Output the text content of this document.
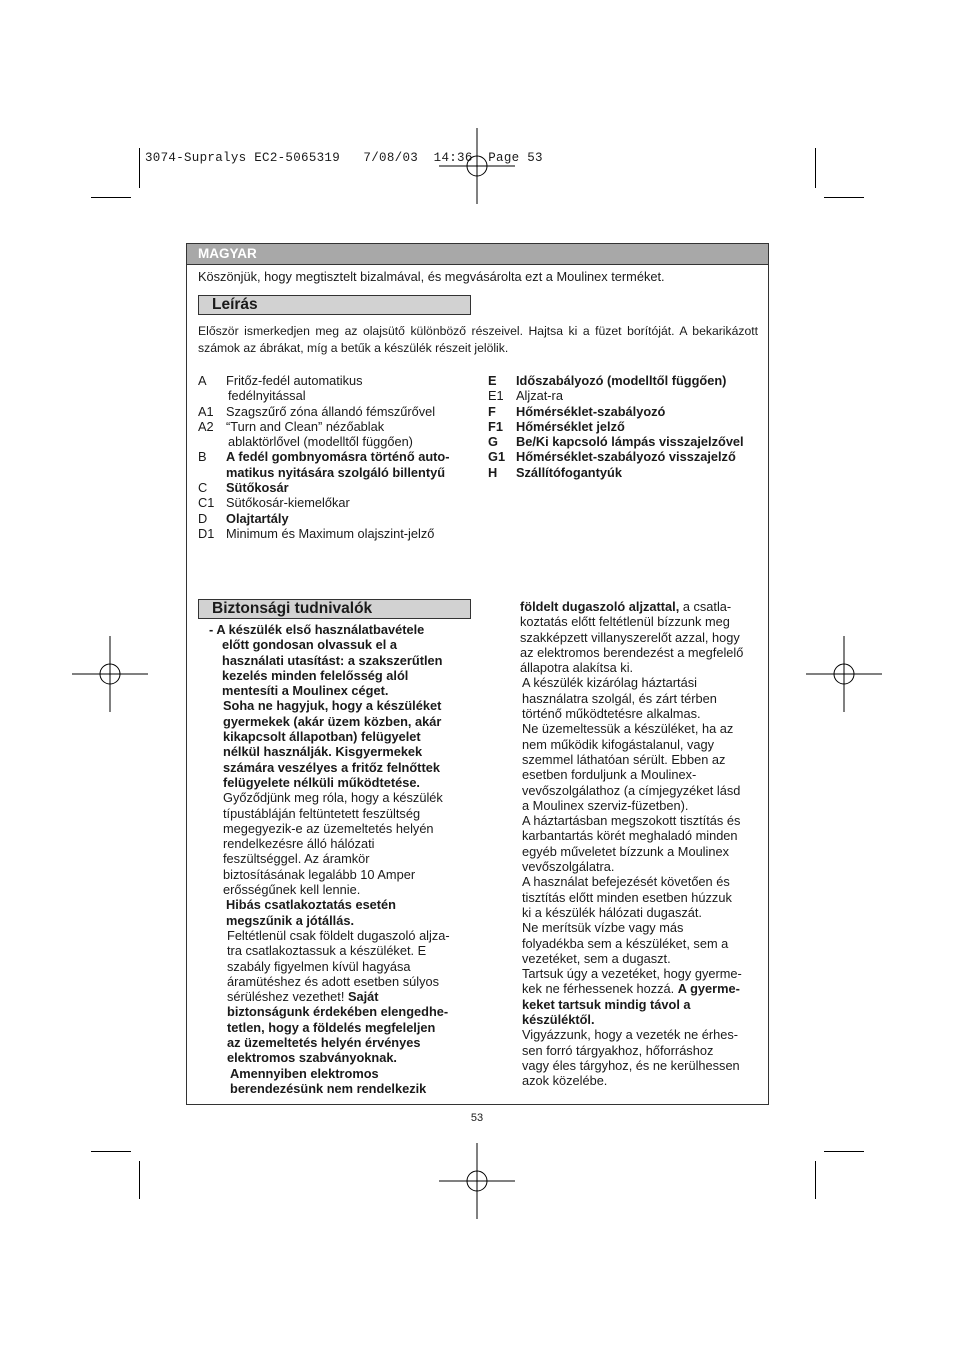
3074-Supralys EC2-5065319   7/08/03  14:36  Page 53
MAGYAR
Köszönjük, hogy megtisztelt bizalmával, és megvásárolta ezt a Moulinex terméket.
Leírás
Először ismerkedjen meg az olajsütő különböző részeivel. Hajtsa ki a füzet borítóját. A bekarikázott számok az ábrákat, míg a betűk a készülék részeit jelölik.
A	Fritőz-fedél automatikus
fedélnyitással
A1 Szagszűrő zóna állandó fémszűrővel
A2 “Turn and Clean” nézőablak
ablaktörlővel (modelltől függően)
B	A fedél gombnyomásra történő auto-
matikus nyitására szolgáló billentyű
C	Sütőkosár
C1 Sütőkosár-kiemelőkar
D	Olajtartály
D1 Minimum és Maximum olajszint-jelző
E	Időszabályozó (modelltől függően)
E1 Aljzat-ra
F	Hőmérséklet-szabályozó
F1	Hőmérséklet jelző
G	Be/Ki kapcsoló lámpás visszajelzővel
G1 Hőmérséklet-szabályozó visszajelző
H	Szállítófogantyúk
Biztonsági tudnivalók
- A készülék első használatbavétele
előtt gondosan olvassuk el a
használati utasítást: a szakszerűtlen
kezelés minden felelősség alól
mentesíti a Moulinex céget.
Soha ne hagyjuk, hogy a készüléket
gyermekek (akár üzem közben, akár
kikapcsolt állapotban) felügyelet
nélkül használják. Kisgyermekek
számára veszélyes a fritőz felnőttek
felügyelete nélküli működtetése.
Győződjünk meg róla, hogy a készülék
típustábláján feltüntetett feszültség
megegyezik-e az üzemeltetés helyén
rendelkezésre álló hálózati
feszültséggel. Az áramkör
biztosításának legalább 10 Amper
erősségűnek kell lennie.
Hibás csatlakoztatás esetén
megszűnik a jótállás.
Feltétlenül csak földelt dugaszoló aljza-
tra csatlakoztassuk a készüléket. E
szabály figyelmen kívül hagyása
áramütéshez és adott esetben súlyos
sérüléshez vezethet! Saját
biztonságunk érdekében elengedhe-
tetlen, hogy a földelés megfeleljen
az üzemeltetés helyén érvényes
elektromos szabványoknak.
Amennyiben elektromos
berendezésünk nem rendelkezik
földelt dugaszoló aljzattal, a csatla-
koztatás előtt feltétlenül bízzunk meg
szakképzett villanyszerelőt azzal, hogy
az elektromos berendezést a megfelelő
állapotra alakítsa ki.
A készülék kizárólag háztartási
használatra szolgál, és zárt térben
történő működtetésre alkalmas.
Ne üzemeltessük a készüléket, ha az
nem működik kifogástalanul, vagy
szemmel láthatóan sérült. Ebben az
esetben forduljunk a Moulinex-
vevőszolgálathoz (a címjegyzéket lásd
a Moulinex szerviz-füzetben).
A háztartásban megszokott tisztítás és
karbantartás körét meghaladó minden
egyéb műveletet bízzunk a Moulinex
vevőszolgálatra.
A használat befejezését követően és
tisztítás előtt minden esetben húzzuk
ki a készülék hálózati dugaszát.
Ne merítsük vízbe vagy más
folyadékba sem a készüléket, sem a
vezetéket, sem a dugaszt.
Tartsuk úgy a vezetéket, hogy gyerme-
kek ne férhessenek hozzá. A gyerme-
keket tartsuk mindig távol a
készüléktől.
Vigyázzunk, hogy a vezeték ne érhes-
sen forró tárgyakhoz, hőforráshoz
vagy éles tárgyhoz, és ne kerülhessen
azok közelébe.
53
